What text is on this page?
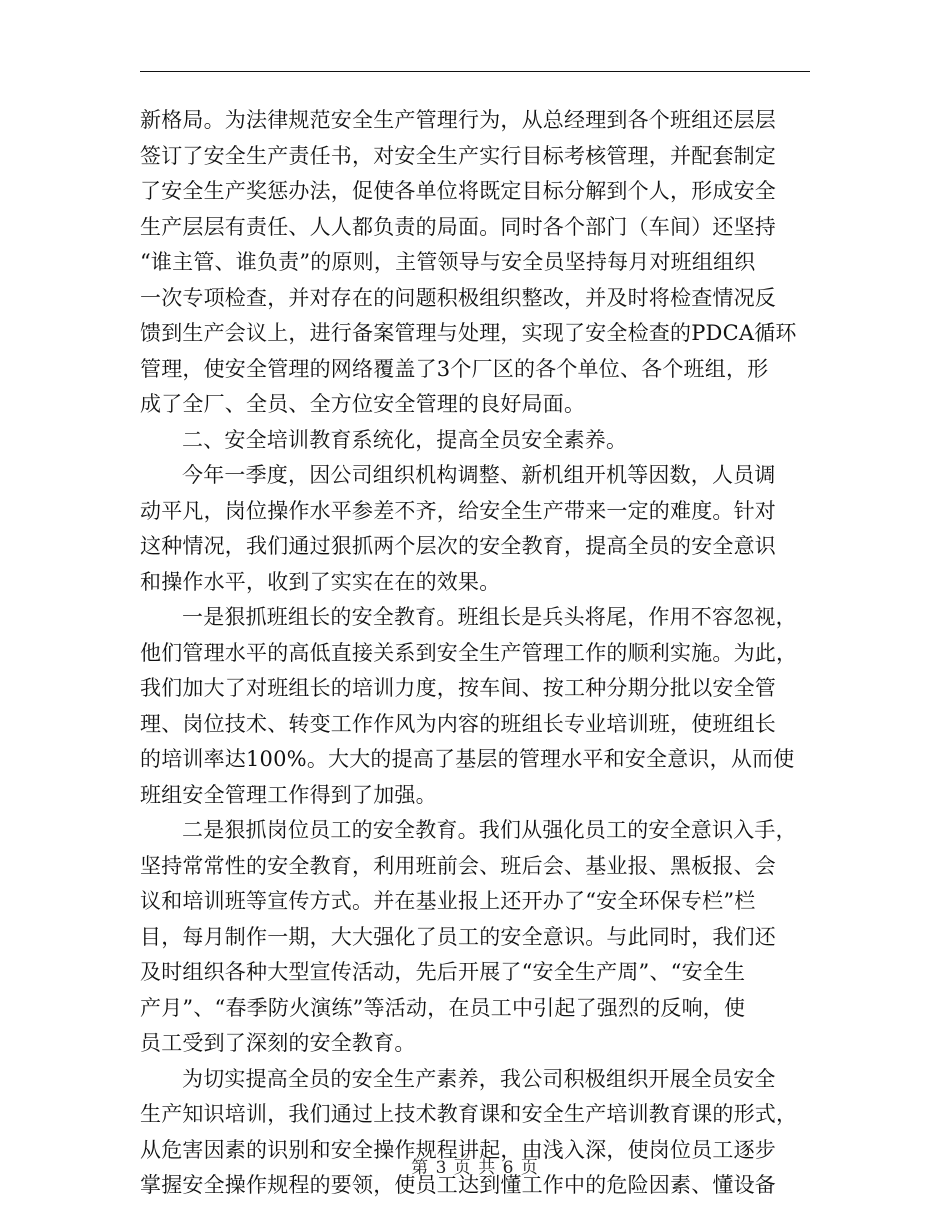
新格局。为法律规范安全生产管理行为，从总经理到各个班组还层层
签订了安全生产责任书，对安全生产实行目标考核管理，并配套制定
了安全生产奖惩办法，促使各单位将既定目标分解到个人，形成安全
生产层层有责任、人人都负责的局面。同时各个部门（车间）还坚持
“谁主管、谁负责”的原则，主管领导与安全员坚持每月对班组组织
一次专项检查，并对存在的问题积极组织整改，并及时将检查情况反
馈到生产会议上，进行备案管理与处理，实现了安全检查的PDCA循环
管理，使安全管理的网络覆盖了3个厂区的各个单位、各个班组，形
成了全厂、全员、全方位安全管理的良好局面。
二、安全培训教育系统化，提高全员安全素养。
今年一季度，因公司组织机构调整、新机组开机等因数，人员调
动平凡，岗位操作水平参差不齐，给安全生产带来一定的难度。针对
这种情况，我们通过狠抓两个层次的安全教育，提高全员的安全意识
和操作水平，收到了实实在在的效果。
一是狠抓班组长的安全教育。班组长是兵头将尾，作用不容忽视，
他们管理水平的高低直接关系到安全生产管理工作的顺利实施。为此，
我们加大了对班组长的培训力度，按车间、按工种分期分批以安全管
理、岗位技术、转变工作作风为内容的班组长专业培训班，使班组长
的培训率达100%。大大的提高了基层的管理水平和安全意识，从而使
班组安全管理工作得到了加强。
二是狠抓岗位员工的安全教育。我们从强化员工的安全意识入手，
坚持常常性的安全教育，利用班前会、班后会、基业报、黑板报、会
议和培训班等宣传方式。并在基业报上还开办了“安全环保专栏”栏
目，每月制作一期，大大强化了员工的安全意识。与此同时，我们还
及时组织各种大型宣传活动，先后开展了“安全生产周”、“安全生
产月”、“春季防火演练”等活动，在员工中引起了强烈的反响，使
员工受到了深刻的安全教育。
为切实提高全员的安全生产素养，我公司积极组织开展全员安全
生产知识培训，我们通过上技术教育课和安全生产培训教育课的形式，
从危害因素的识别和安全操作规程讲起，由浅入深，使岗位员工逐步
掌握安全操作规程的要领，使员工达到懂工作中的危险因素、懂设备
第 3 页 共 6 页
